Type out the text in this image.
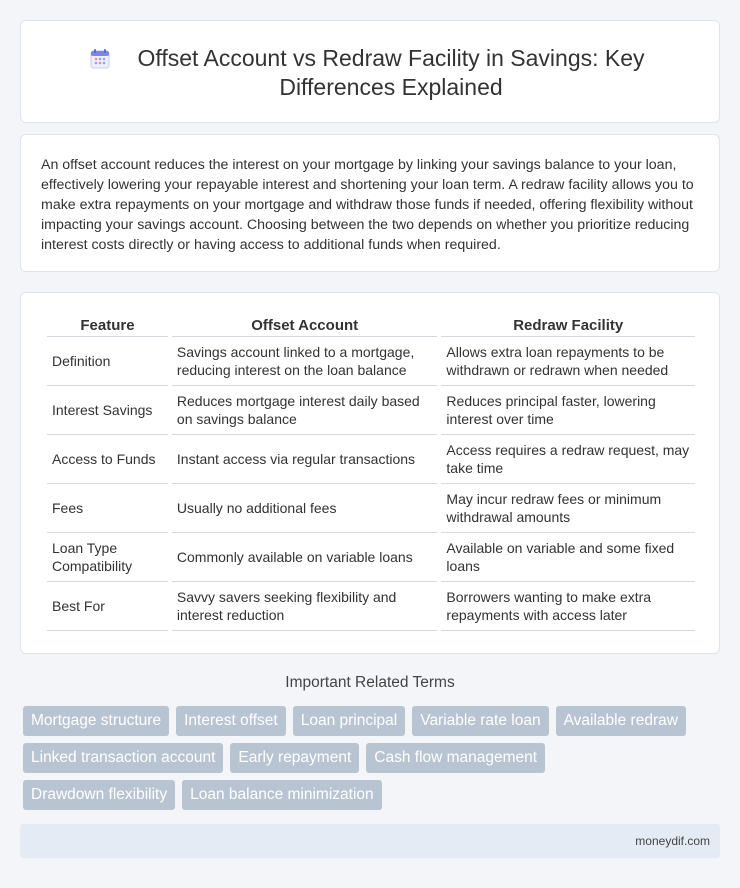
Offset Account vs Redraw Facility in Savings: Key Differences Explained

An offset account reduces the interest on your mortgage by linking your savings balance to your loan, effectively lowering your repayable interest and shortening your loan term. A redraw facility allows you to make extra repayments on your mortgage and withdraw those funds if needed, offering flexibility without impacting your savings account. Choosing between the two depends on whether you prioritize reducing interest costs directly or having access to additional funds when required.

Feature	Offset Account	Redraw Facility
Definition	Savings account linked to a mortgage, reducing interest on the loan balance	Allows extra loan repayments to be withdrawn or redrawn when needed
Interest Savings	Reduces mortgage interest daily based on savings balance	Reduces principal faster, lowering interest over time
Access to Funds	Instant access via regular transactions	Access requires a redraw request, may take time
Fees	Usually no additional fees	May incur redraw fees or minimum withdrawal amounts
Loan Type Compatibility	Commonly available on variable loans	Available on variable and some fixed loans
Best For	Savvy savers seeking flexibility and interest reduction	Borrowers wanting to make extra repayments with access later
Important Related Terms
Mortgage structure	Interest offset	Loan principal	Variable rate loan	Available redraw
Linked transaction account	Early repayment	Cash flow management
Drawdown flexibility	Loan balance minimization
moneydif.com
